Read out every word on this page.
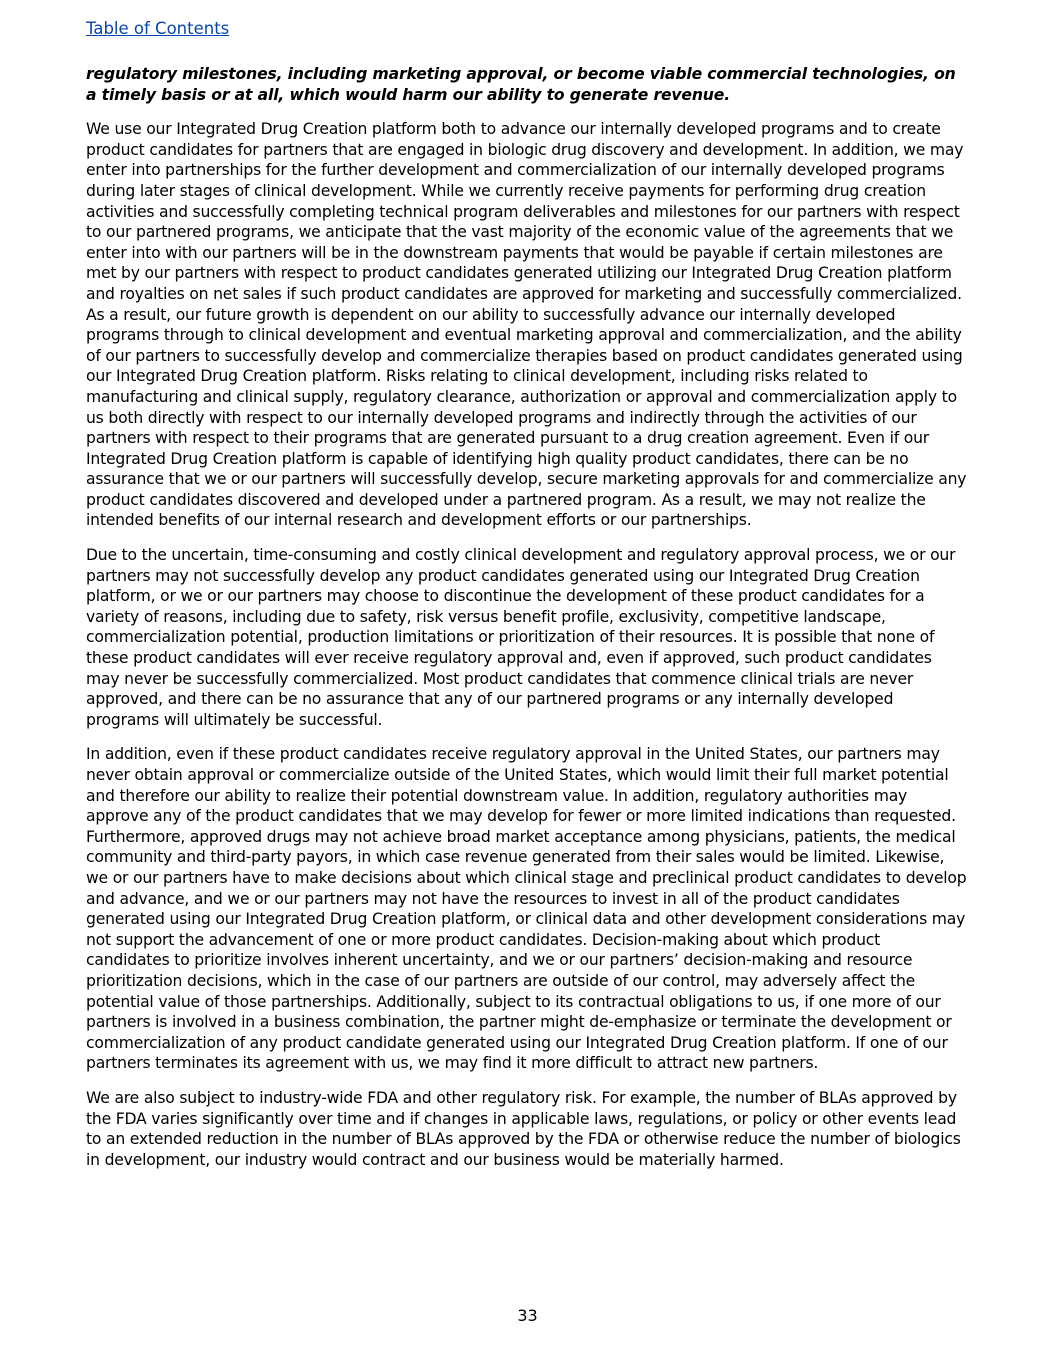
Table of Contents
regulatory milestones, including marketing approval, or become viable commercial technologies, on a timely basis or at all, which would harm our ability to generate revenue.

We use our Integrated Drug Creation platform both to advance our internally developed programs and to create product candidates for partners that are engaged in biologic drug discovery and development. In addition, we may enter into partnerships for the further development and commercialization of our internally developed programs during later stages of clinical development. While we currently receive payments for performing drug creation activities and successfully completing technical program deliverables and milestones for our partners with respect to our partnered programs, we anticipate that the vast majority of the economic value of the agreements that we enter into with our partners will be in the downstream payments that would be payable if certain milestones are met by our partners with respect to product candidates generated utilizing our Integrated Drug Creation platform and royalties on net sales if such product candidates are approved for marketing and successfully commercialized. As a result, our future growth is dependent on our ability to successfully advance our internally developed programs through to clinical development and eventual marketing approval and commercialization, and the ability of our partners to successfully develop and commercialize therapies based on product candidates generated using our Integrated Drug Creation platform. Risks relating to clinical development, including risks related to manufacturing and clinical supply, regulatory clearance, authorization or approval and commercialization apply to us both directly with respect to our internally developed programs and indirectly through the activities of our partners with respect to their programs that are generated pursuant to a drug creation agreement. Even if our Integrated Drug Creation platform is capable of identifying high quality product candidates, there can be no assurance that we or our partners will successfully develop, secure marketing approvals for and commercialize any product candidates discovered and developed under a partnered program. As a result, we may not realize the intended benefits of our internal research and development efforts or our partnerships.

Due to the uncertain, time-consuming and costly clinical development and regulatory approval process, we or our partners may not successfully develop any product candidates generated using our Integrated Drug Creation platform, or we or our partners may choose to discontinue the development of these product candidates for a variety of reasons, including due to safety, risk versus benefit profile, exclusivity, competitive landscape, commercialization potential, production limitations or prioritization of their resources. It is possible that none of these product candidates will ever receive regulatory approval and, even if approved, such product candidates may never be successfully commercialized. Most product candidates that commence clinical trials are never approved, and there can be no assurance that any of our partnered programs or any internally developed programs will ultimately be successful.

In addition, even if these product candidates receive regulatory approval in the United States, our partners may never obtain approval or commercialize outside of the United States, which would limit their full market potential and therefore our ability to realize their potential downstream value. In addition, regulatory authorities may approve any of the product candidates that we may develop for fewer or more limited indications than requested. Furthermore, approved drugs may not achieve broad market acceptance among physicians, patients, the medical community and third-party payors, in which case revenue generated from their sales would be limited. Likewise, we or our partners have to make decisions about which clinical stage and preclinical product candidates to develop and advance, and we or our partners may not have the resources to invest in all of the product candidates generated using our Integrated Drug Creation platform, or clinical data and other development considerations may not support the advancement of one or more product candidates. Decision-making about which product candidates to prioritize involves inherent uncertainty, and we or our partners’ decision-making and resource prioritization decisions, which in the case of our partners are outside of our control, may adversely affect the potential value of those partnerships. Additionally, subject to its contractual obligations to us, if one more of our partners is involved in a business combination, the partner might de-emphasize or terminate the development or commercialization of any product candidate generated using our Integrated Drug Creation platform. If one of our partners terminates its agreement with us, we may find it more difficult to attract new partners.

We are also subject to industry-wide FDA and other regulatory risk. For example, the number of BLAs approved by the FDA varies significantly over time and if changes in applicable laws, regulations, or policy or other events lead to an extended reduction in the number of BLAs approved by the FDA or otherwise reduce the number of biologics in development, our industry would contract and our business would be materially harmed.

33
